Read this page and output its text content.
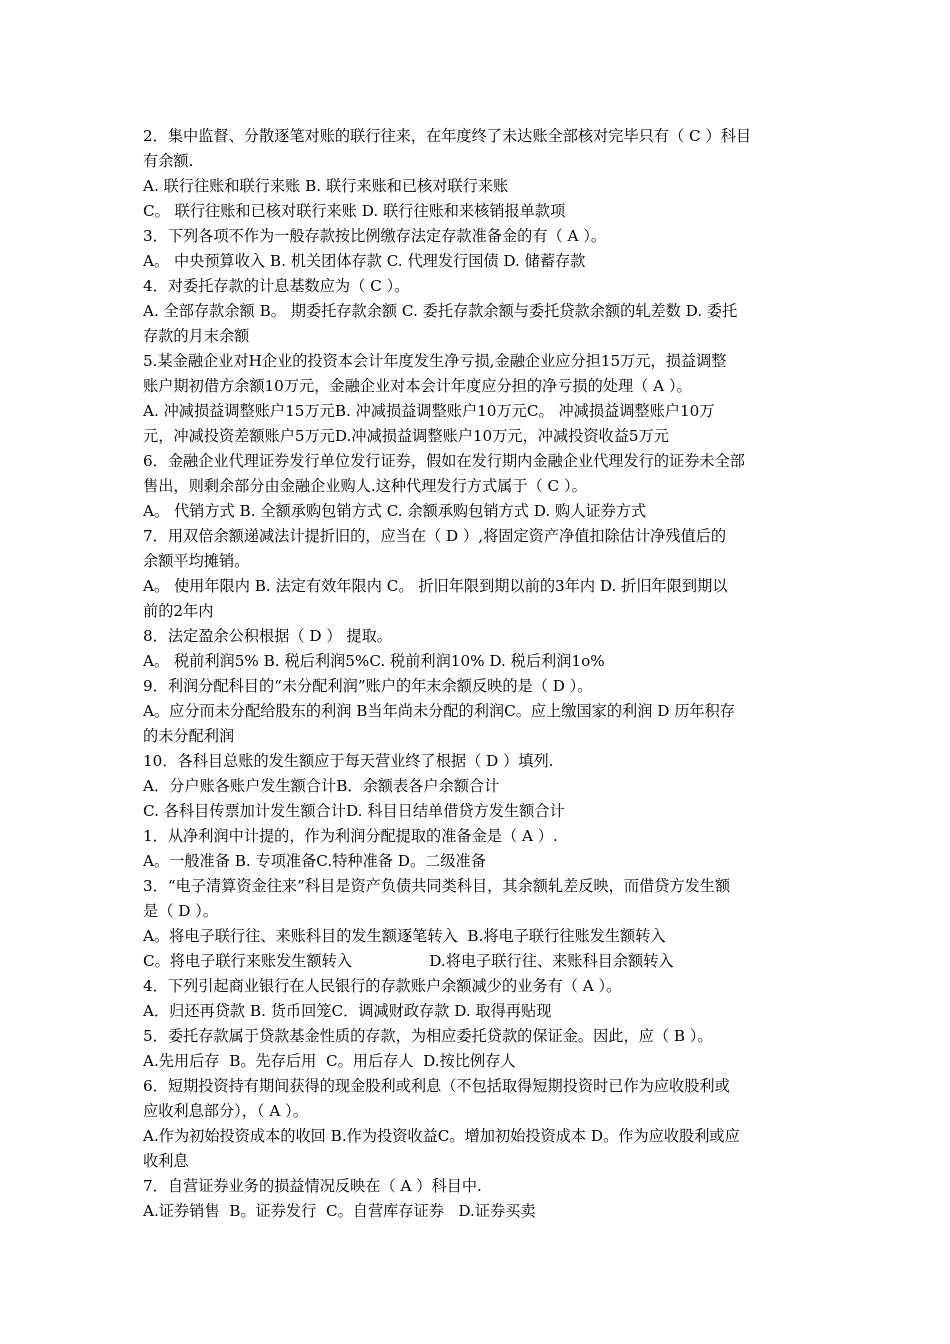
2．集中监督、分散逐笔对账的联行往来，在年度终了未达账全部核对完毕只有（ C ）科目
有余额.
A. 联行往账和联行来账 B. 联行来账和已核对联行来账
C。 联行往账和已核对联行来账 D. 联行往账和来核销报单款项
3．下列各项不作为一般存款按比例缴存法定存款准备金的有（ A ）。
A。 中央预算收入 B. 机关团体存款 C. 代理发行国债 D. 储蓄存款
4．对委托存款的计息基数应为（ C ）。
A. 全部存款余额 B。 期委托存款余额 C. 委托存款余额与委托贷款余额的轧差数 D. 委托
存款的月末余额
5.某金融企业对H企业的投资本会计年度发生净亏损,金融企业应分担15万元，损益调整
账户期初借方余额10万元，金融企业对本会计年度应分担的净亏损的处理（ A ）。
A. 冲减损益调整账户15万元B. 冲减损益调整账户10万元C。 冲减损益调整账户10万
元，冲减投资差额账户5万元D.冲减损益调整账户10万元，冲减投资收益5万元
6．金融企业代理证券发行单位发行证券，假如在发行期内金融企业代理发行的证券未全部
售出，则剩余部分由金融企业购人.这种代理发行方式属于（ C ）。
A。 代销方式 B. 全额承购包销方式 C. 余额承购包销方式 D. 购人证券方式
7．用双倍余额递减法计提折旧的，应当在（ D ）,将固定资产净值扣除估计净残值后的
余额平均摊销。
A。 使用年限内 B. 法定有效年限内 C。 折旧年限到期以前的3年内 D. 折旧年限到期以
前的2年内
8．法定盈余公积根据（ D ） 提取。
A。 税前利润5% B. 税后利润5%C. 税前利润10% D. 税后利润1o%
9．利润分配科目的“未分配利润”账户的年末余额反映的是（ D ）。
A。应分而未分配给股东的利润 B当年尚未分配的利润C。应上缴国家的利润 D 历年积存
的未分配利润
10．各科目总账的发生额应于每天营业终了根据（ D ）填列.
A．分户账各账户发生额合计B．余额表各户余额合计
C. 各科目传票加计发生额合计D. 科目日结单借贷方发生额合计
1．从净利润中计提的，作为利润分配提取的准备金是（ A ）.
A。一般准备 B. 专项准备C.特种准备 D。二级准备
3．“电子清算资金往来”科目是资产负债共同类科目，其余额轧差反映，而借贷方发生额
是（ D ）。
A。将电子联行往、来账科目的发生额逐笔转入  B.将电子联行往账发生额转入
C。将电子联行来账发生额转入                D.将电子联行往、来账科目余额转入
4．下列引起商业银行在人民银行的存款账户余额减少的业务有（ A ）。
A．归还再贷款 B. 货币回笼C．调减财政存款 D. 取得再贴现
5．委托存款属于贷款基金性质的存款，为相应委托贷款的保证金。因此，应（ B ）。
A.先用后存  B。先存后用  C。用后存人  D.按比例存人
6．短期投资持有期间获得的现金股利或利息（不包括取得短期投资时已作为应收股利或
应收利息部分），（ A ）。
A.作为初始投资成本的收回 B.作为投资收益C。增加初始投资成本 D。作为应收股利或应
收利息
7．自营证券业务的损益情况反映在（ A ）科目中.
A.证券销售  B。证券发行  C。自营库存证券   D.证券买卖
